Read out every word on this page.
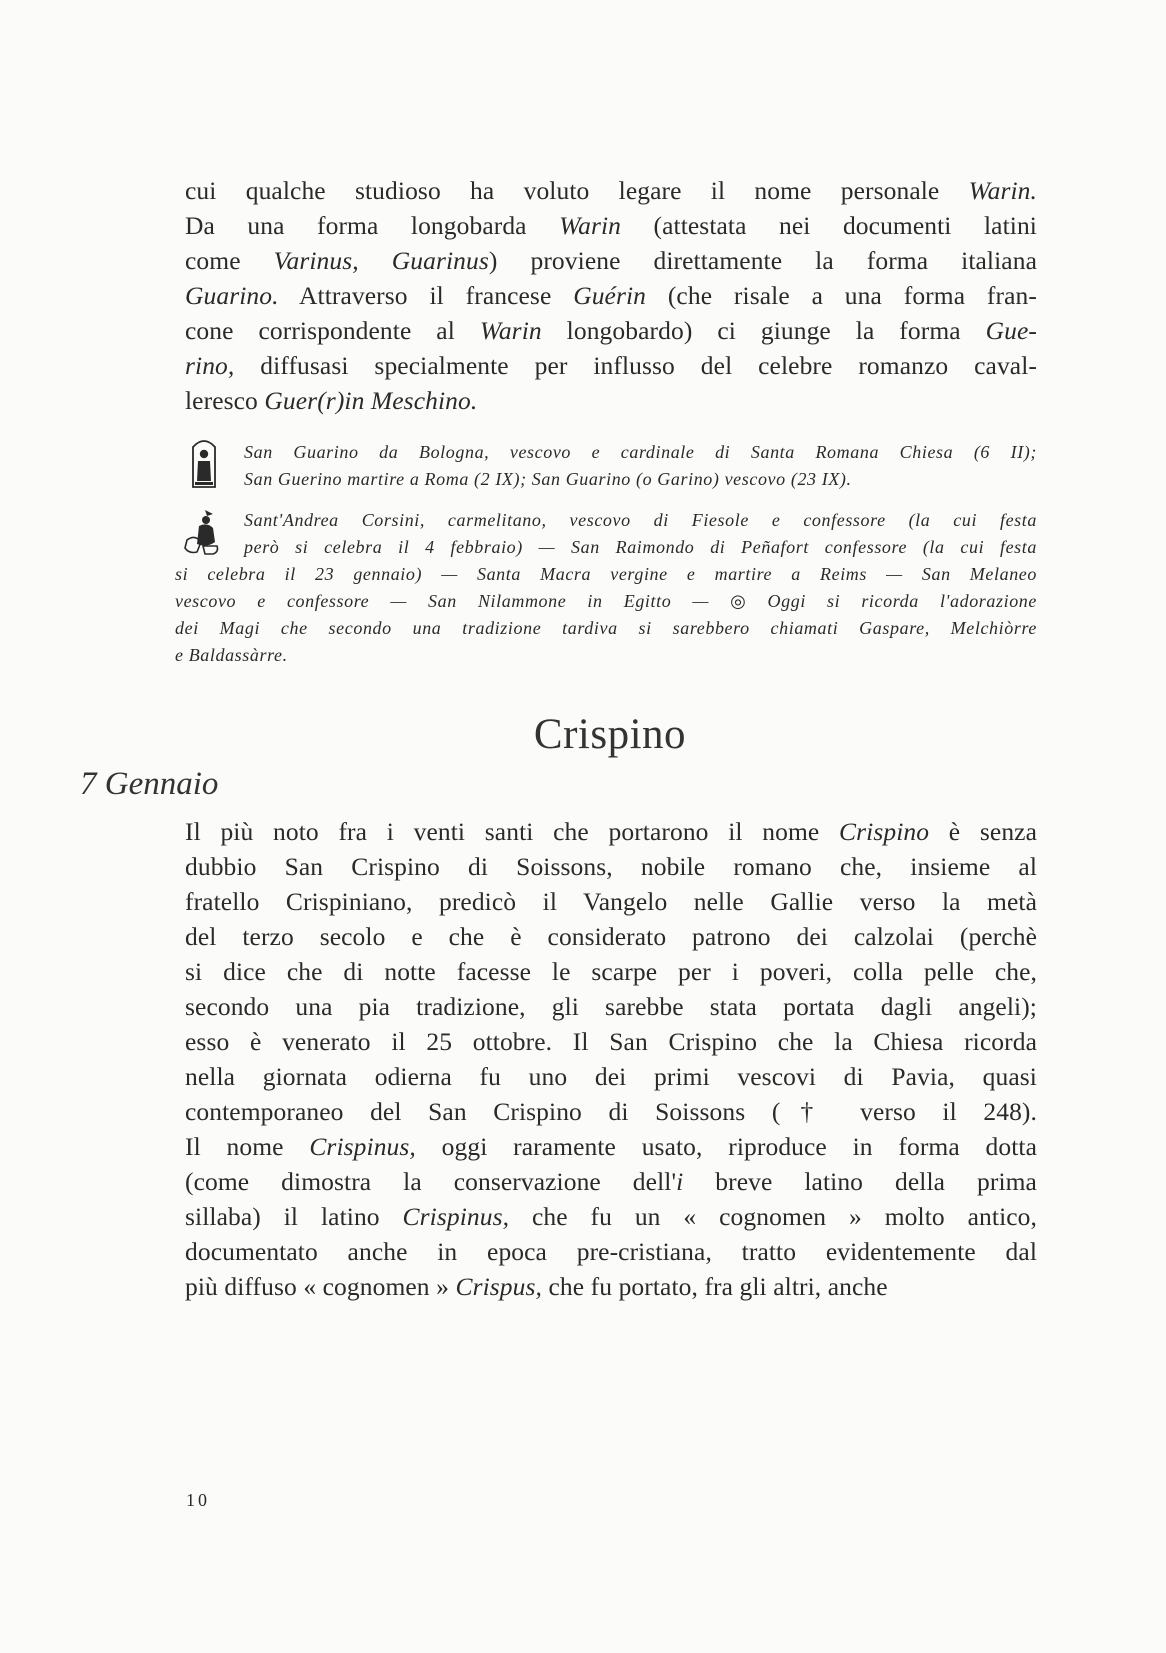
cui qualche studioso ha voluto legare il nome personale Warin.
Da una forma longobarda Warin (attestata nei documenti latini
come Varinus, Guarinus) proviene direttamente la forma italiana
Guarino. Attraverso il francese Guérin (che risale a una forma fran-
cone corrispondente al Warin longobardo) ci giunge la forma Gue-
rino, diffusasi specialmente per influsso del celebre romanzo caval-
leresco Guer(r)in Meschino.
San Guarino da Bologna, vescovo e cardinale di Santa Romana Chiesa (6 II);
San Guerino martire a Roma (2 IX); San Guarino (o Garino) vescovo (23 IX).
Sant'Andrea Corsini, carmelitano, vescovo di Fiesole e confessore (la cui festa
però si celebra il 4 febbraio) — San Raimondo di Peñafort confessore (la cui festa
si celebra il 23 gennaio) — Santa Macra vergine e martire a Reims — San Melaneo
vescovo e confessore — San Nilammone in Egitto — ◎ Oggi si ricorda l'adorazione
dei Magi che secondo una tradizione tardiva si sarebbero chiamati Gaspare, Melchiòrre
e Baldassàrre.
Crispino
7 Gennaio
Il più noto fra i venti santi che portarono il nome Crispino è senza
dubbio San Crispino di Soissons, nobile romano che, insieme al
fratello Crispiniano, predicò il Vangelo nelle Gallie verso la metà
del terzo secolo e che è considerato patrono dei calzolai (perchè
si dice che di notte facesse le scarpe per i poveri, colla pelle che,
secondo una pia tradizione, gli sarebbe stata portata dagli angeli);
esso è venerato il 25 ottobre. Il San Crispino che la Chiesa ricorda
nella giornata odierna fu uno dei primi vescovi di Pavia, quasi
contemporaneo del San Crispino di Soissons († verso il 248).
Il nome Crispinus, oggi raramente usato, riproduce in forma dotta
(come dimostra la conservazione dell'i breve latino della prima
sillaba) il latino Crispinus, che fu un « cognomen » molto antico,
documentato anche in epoca pre-cristiana, tratto evidentemente dal
più diffuso « cognomen » Crispus, che fu portato, fra gli altri, anche
10
